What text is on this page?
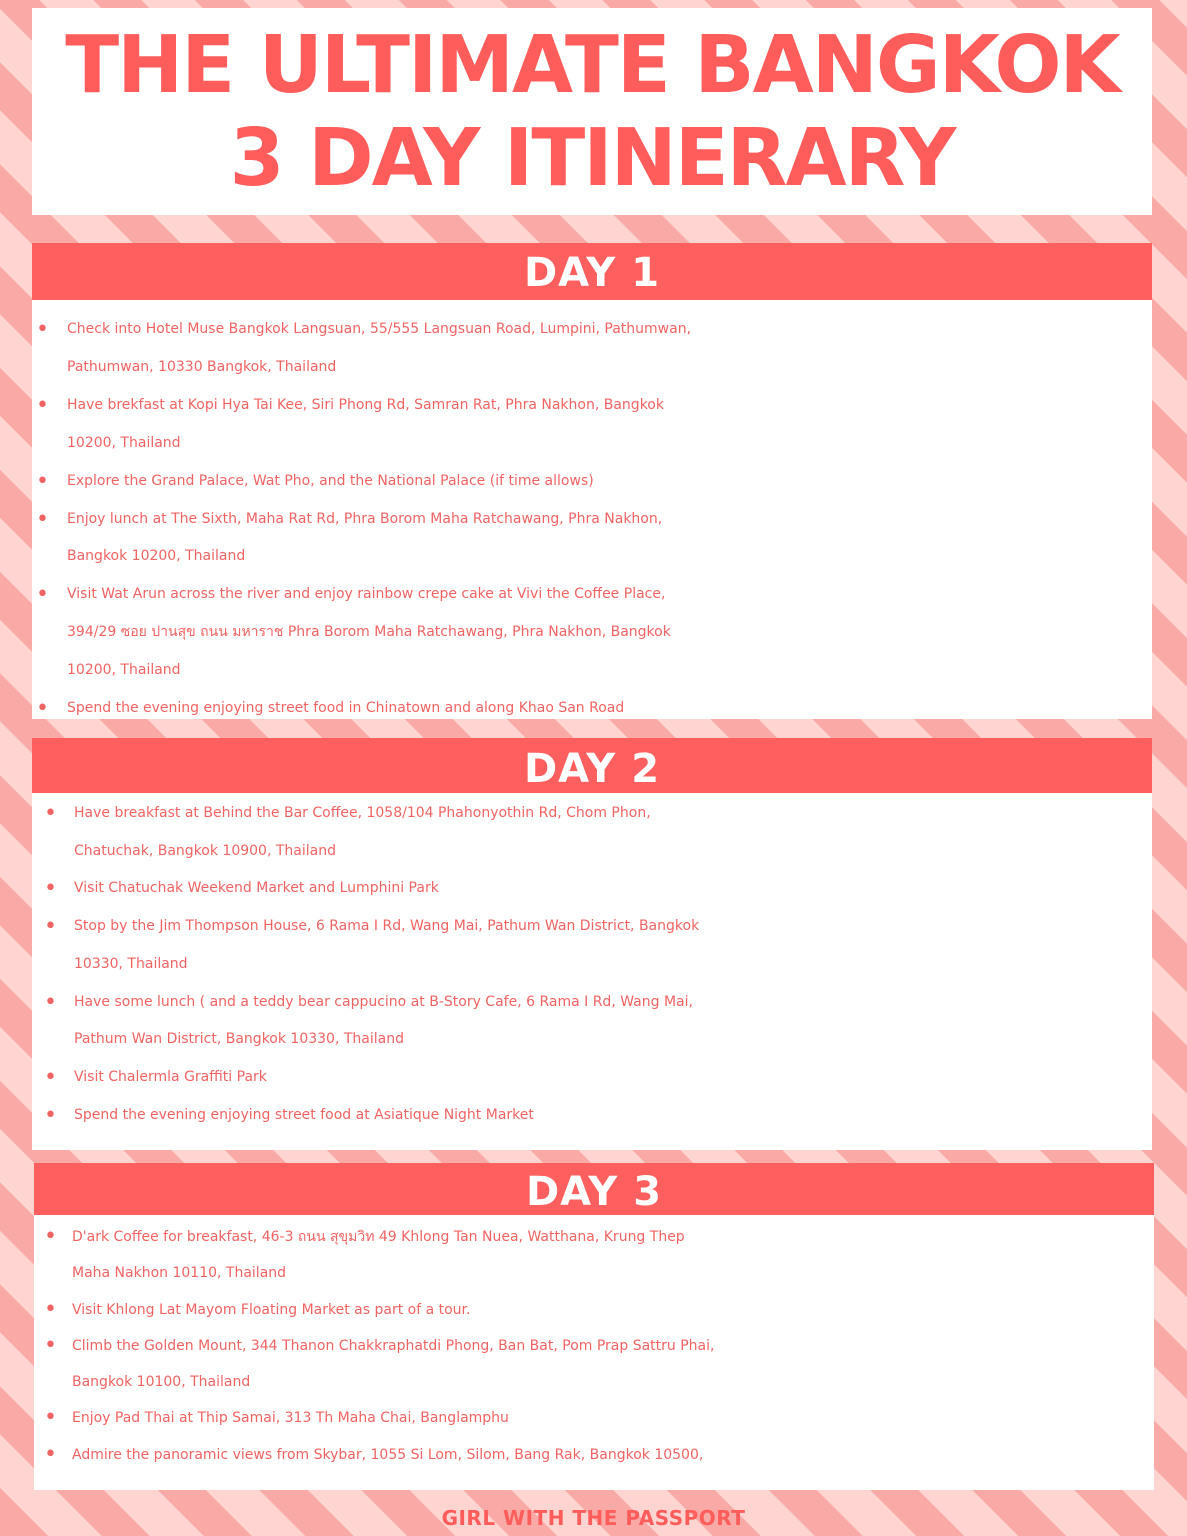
THE ULTIMATE BANGKOK
3 DAY ITINERARY
DAY 1
• Check into Hotel Muse Bangkok Langsuan, 55/555 Langsuan Road, Lumpini, Pathumwan,
Pathumwan, 10330 Bangkok, Thailand
• Have brekfast at Kopi Hya Tai Kee, Siri Phong Rd, Samran Rat, Phra Nakhon, Bangkok
10200, Thailand
• Explore the Grand Palace, Wat Pho, and the National Palace (if time allows)
• Enjoy lunch at The Sixth, Maha Rat Rd, Phra Borom Maha Ratchawang, Phra Nakhon,
Bangkok 10200, Thailand
• Visit Wat Arun across the river and enjoy rainbow crepe cake at Vivi the Coffee Place,
394/29 ซอย ปานสุข ถนน มหาราช Phra Borom Maha Ratchawang, Phra Nakhon, Bangkok
10200, Thailand
• Spend the evening enjoying street food in Chinatown and along Khao San Road
DAY 2
• Have breakfast at Behind the Bar Coffee, 1058/104 Phahonyothin Rd, Chom Phon,
Chatuchak, Bangkok 10900, Thailand
• Visit Chatuchak Weekend Market and Lumphini Park
• Stop by the Jim Thompson House, 6 Rama I Rd, Wang Mai, Pathum Wan District, Bangkok
10330, Thailand
• Have some lunch ( and a teddy bear cappucino at B-Story Cafe, 6 Rama I Rd, Wang Mai,
Pathum Wan District, Bangkok 10330, Thailand
• Visit Chalermla Graffiti Park
• Spend the evening enjoying street food at Asiatique Night Market
DAY 3
• D'ark Coffee for breakfast, 46-3 ถนน สุขุมวิท 49 Khlong Tan Nuea, Watthana, Krung Thep
Maha Nakhon 10110, Thailand
• Visit Khlong Lat Mayom Floating Market as part of a tour.
• Climb the Golden Mount, 344 Thanon Chakkraphatdi Phong, Ban Bat, Pom Prap Sattru Phai,
Bangkok 10100, Thailand
• Enjoy Pad Thai at Thip Samai, 313 Th Maha Chai, Banglamphu
• Admire the panoramic views from Skybar, 1055 Si Lom, Silom, Bang Rak, Bangkok 10500,
GIRL WITH THE PASSPORT
